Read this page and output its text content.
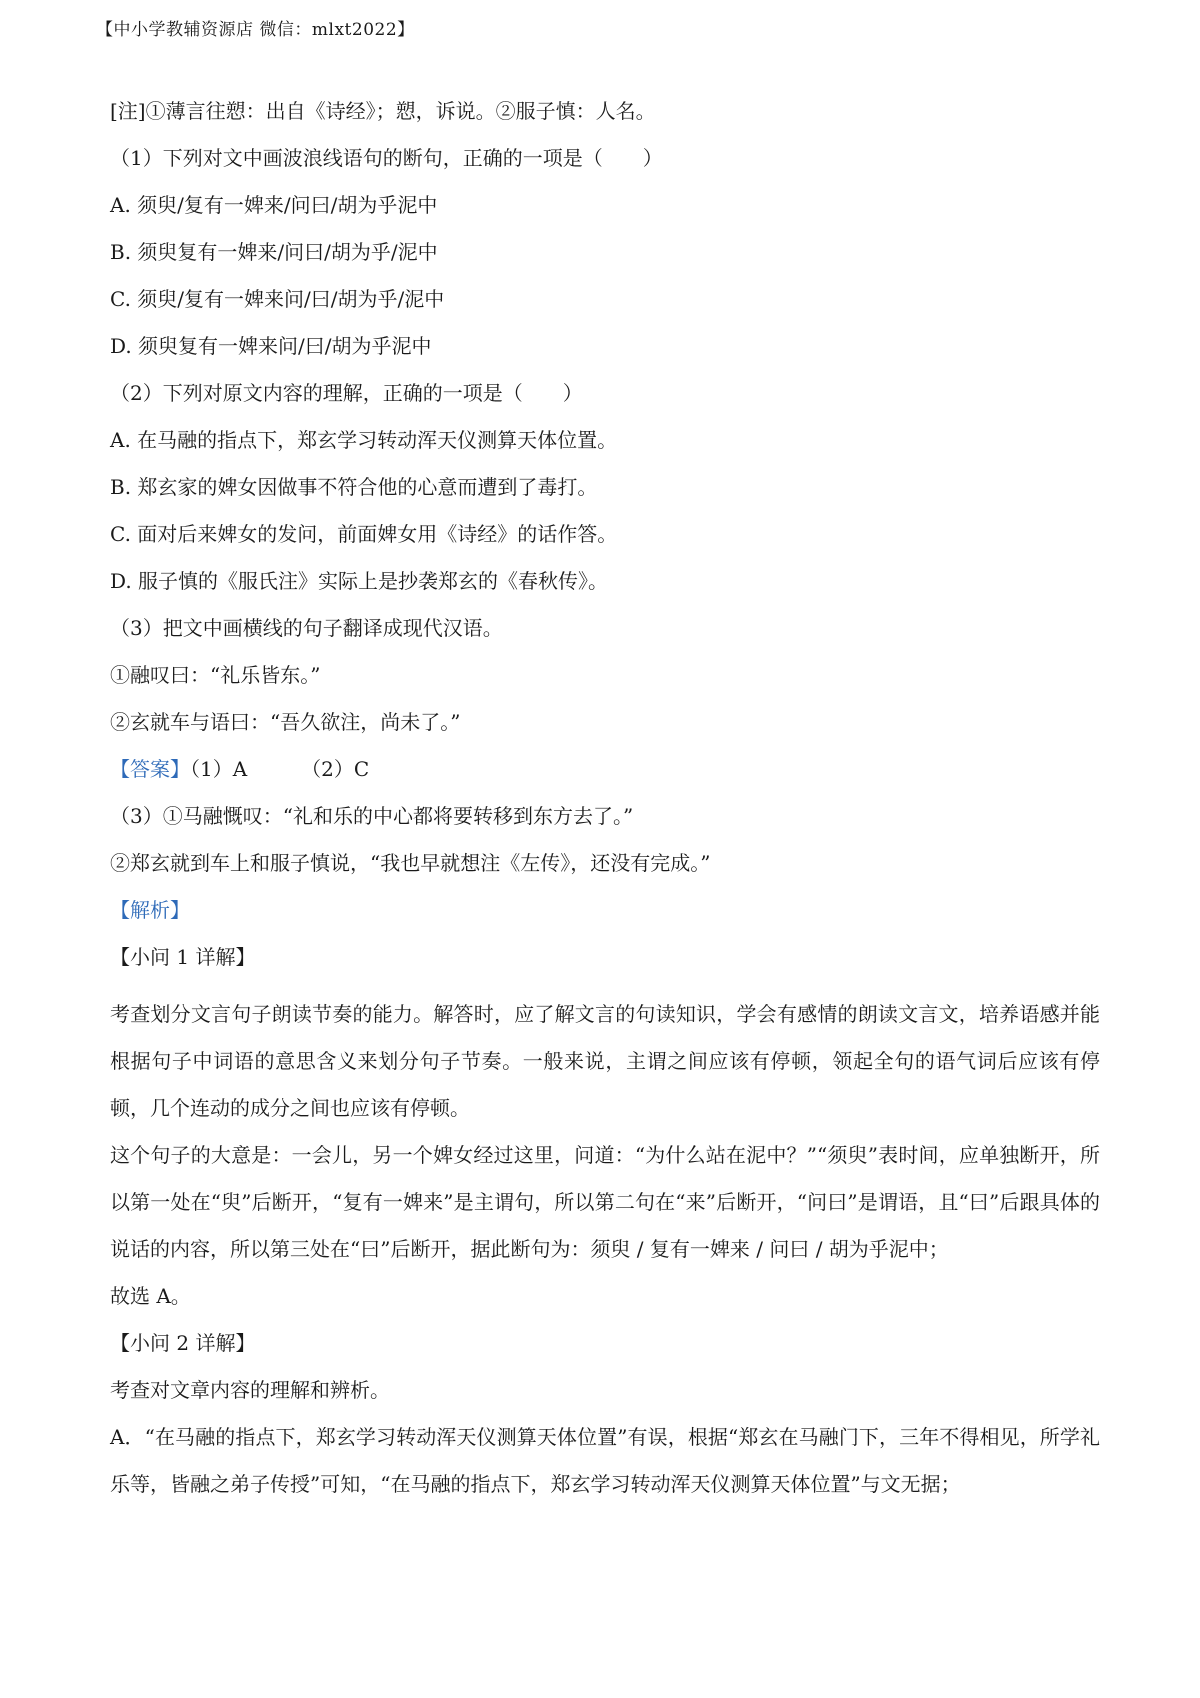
【中小学教辅资源店 微信：mlxt2022】

[注]①薄言往愬：出自《诗经》；愬，诉说。②服子慎：人名。

（1）下列对文中画波浪线语句的断句，正确的一项是（　　）

A. 须臾/复有一婢来/问曰/胡为乎泥中

B. 须臾复有一婢来/问曰/胡为乎/泥中

C. 须臾/复有一婢来问/曰/胡为乎/泥中

D. 须臾复有一婢来问/曰/胡为乎泥中

（2）下列对原文内容的理解，正确的一项是（　　）

A. 在马融的指点下，郑玄学习转动浑天仪测算天体位置。

B. 郑玄家的婢女因做事不符合他的心意而遭到了毒打。

C. 面对后来婢女的发问，前面婢女用《诗经》的话作答。

D. 服子慎的《服氏注》实际上是抄袭郑玄的《春秋传》。

（3）把文中画横线的句子翻译成现代汉语。

①融叹曰：“礼乐皆东。”

②玄就车与语曰：“吾久欲注，尚未了。”

【答案】（1）A	（2）C

（3）①马融慨叹：“礼和乐的中心都将要转移到东方去了。”

②郑玄就到车上和服子慎说，“我也早就想注《左传》，还没有完成。”

【解析】

【小问 1 详解】

考查划分文言句子朗读节奏的能力。解答时，应了解文言的句读知识，学会有感情的朗读文言文，培养语感并能根据句子中词语的意思含义来划分句子节奏。一般来说，主谓之间应该有停顿，领起全句的语气词后应该有停顿，几个连动的成分之间也应该有停顿。

这个句子的大意是：一会儿，另一个婢女经过这里，问道：“为什么站在泥中？”“须臾”表时间，应单独断开，所以第一处在“臾”后断开，“复有一婢来”是主谓句，所以第二句在“来”后断开，“问曰”是谓语，且“曰”后跟具体的说话的内容，所以第三处在“曰”后断开，据此断句为：须臾 / 复有一婢来 / 问曰 / 胡为乎泥中；

故选 A。

【小问 2 详解】

考查对文章内容的理解和辨析。

A．“在马融的指点下，郑玄学习转动浑天仪测算天体位置”有误，根据“郑玄在马融门下，三年不得相见，所学礼乐等，皆融之弟子传授”可知，“在马融的指点下，郑玄学习转动浑天仪测算天体位置”与文无据；
